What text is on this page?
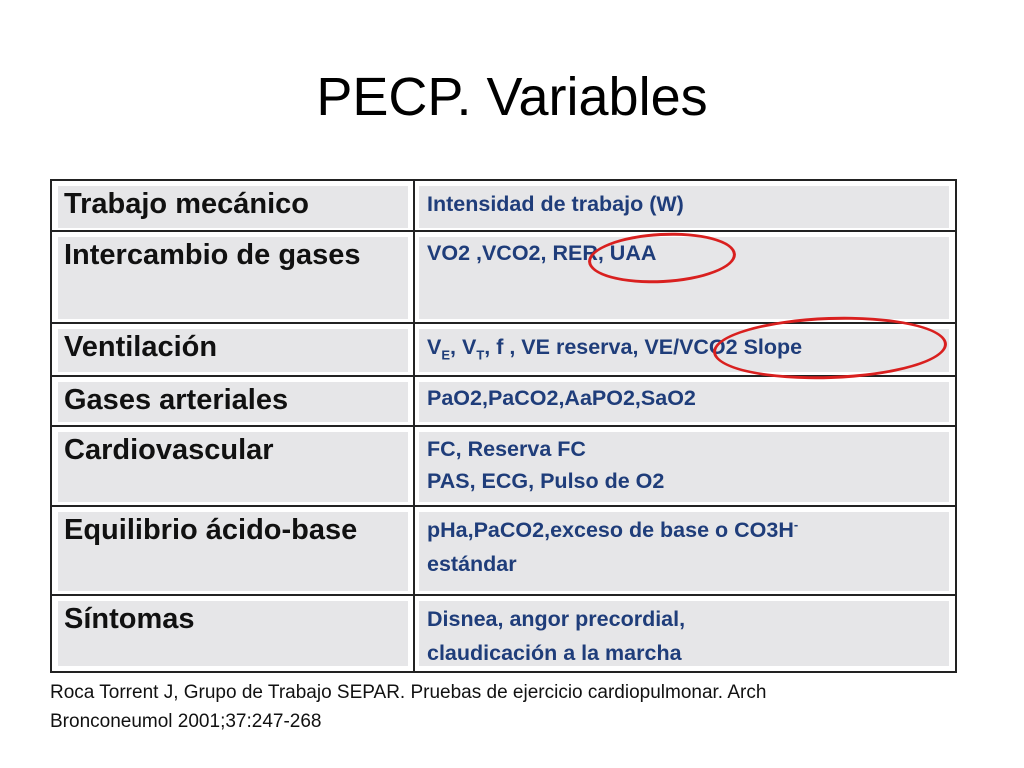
PECP. Variables
Trabajo mecánico	Intensidad de trabajo (W)
Intercambio de gases	VO2 ,VCO2, RER, UAA
Ventilación	$V_E$, $V_T$, f , VE reserva, VE/VCO2 Slope
Gases arteriales	PaO2,PaCO2,AaPO2,SaO2
Cardiovascular	FC, Reserva FC
PAS, ECG, Pulso de O2
Equilibrio ácido-base	pHa,PaCO2,exceso de base o CO3H-
estándar
Síntomas	Disnea, angor precordial,
claudicación a la marcha
Roca Torrent J, Grupo de Trabajo SEPAR. Pruebas de ejercicio cardiopulmonar. Arch
Bronconeumol 2001;37:247-268
